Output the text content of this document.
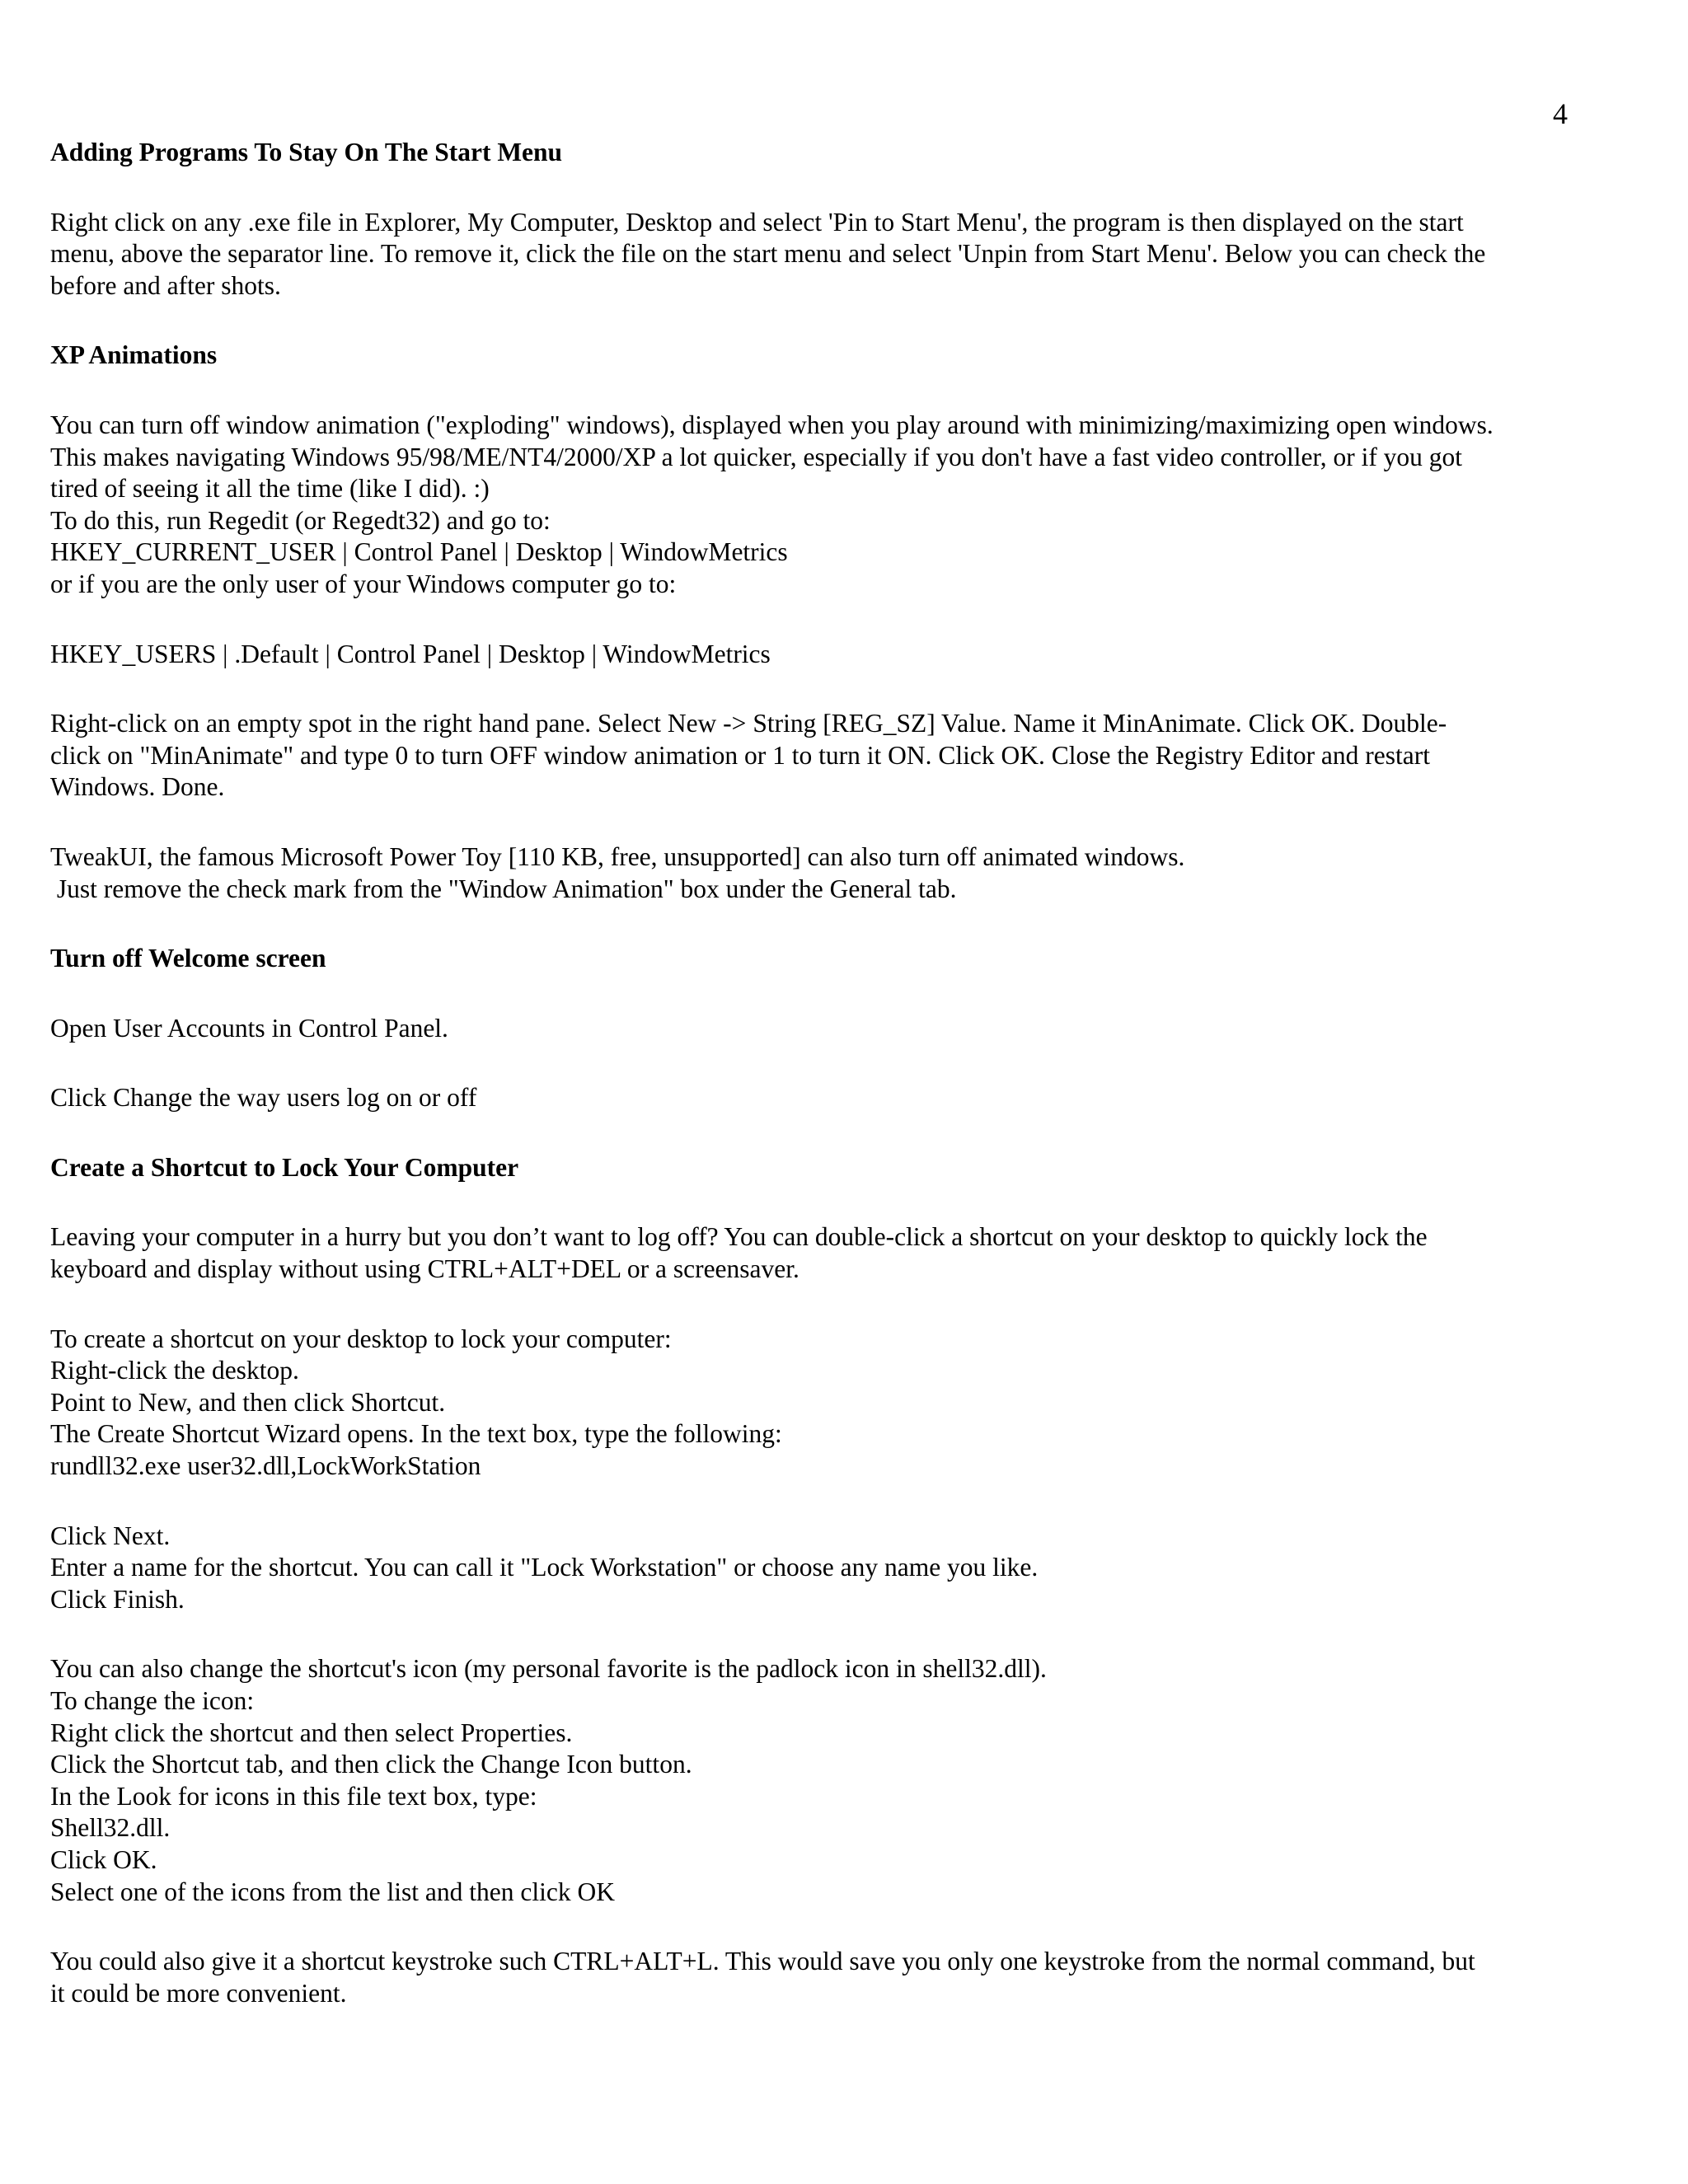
4
Adding Programs To Stay On The Start Menu
Right click on any .exe file in Explorer, My Computer, Desktop and select 'Pin to Start Menu', the program is then displayed on the start
menu, above the separator line. To remove it, click the file on the start menu and select 'Unpin from Start Menu'. Below you can check the
before and after shots.
XP Animations
You can turn off window animation ("exploding" windows), displayed when you play around with minimizing/maximizing open windows.
This makes navigating Windows 95/98/ME/NT4/2000/XP a lot quicker, especially if you don't have a fast video controller, or if you got
tired of seeing it all the time (like I did). :)
To do this, run Regedit (or Regedt32) and go to:
HKEY_CURRENT_USER | Control Panel | Desktop | WindowMetrics
or if you are the only user of your Windows computer go to:
HKEY_USERS | .Default | Control Panel | Desktop | WindowMetrics
Right-click on an empty spot in the right hand pane. Select New -> String [REG_SZ] Value. Name it MinAnimate. Click OK. Double-
click on "MinAnimate" and type 0 to turn OFF window animation or 1 to turn it ON. Click OK. Close the Registry Editor and restart
Windows. Done.
TweakUI, the famous Microsoft Power Toy [110 KB, free, unsupported] can also turn off animated windows.
Just remove the check mark from the "Window Animation" box under the General tab.
Turn off Welcome screen
Open User Accounts in Control Panel.
Click Change the way users log on or off
Create a Shortcut to Lock Your Computer
Leaving your computer in a hurry but you don’t want to log off? You can double-click a shortcut on your desktop to quickly lock the
keyboard and display without using CTRL+ALT+DEL or a screensaver.
To create a shortcut on your desktop to lock your computer:
Right-click the desktop.
Point to New, and then click Shortcut.
The Create Shortcut Wizard opens. In the text box, type the following:
rundll32.exe user32.dll,LockWorkStation
Click Next.
Enter a name for the shortcut. You can call it "Lock Workstation" or choose any name you like.
Click Finish.
You can also change the shortcut's icon (my personal favorite is the padlock icon in shell32.dll).
To change the icon:
Right click the shortcut and then select Properties.
Click the Shortcut tab, and then click the Change Icon button.
In the Look for icons in this file text box, type:
Shell32.dll.
Click OK.
Select one of the icons from the list and then click OK
You could also give it a shortcut keystroke such CTRL+ALT+L. This would save you only one keystroke from the normal command, but
it could be more convenient.
